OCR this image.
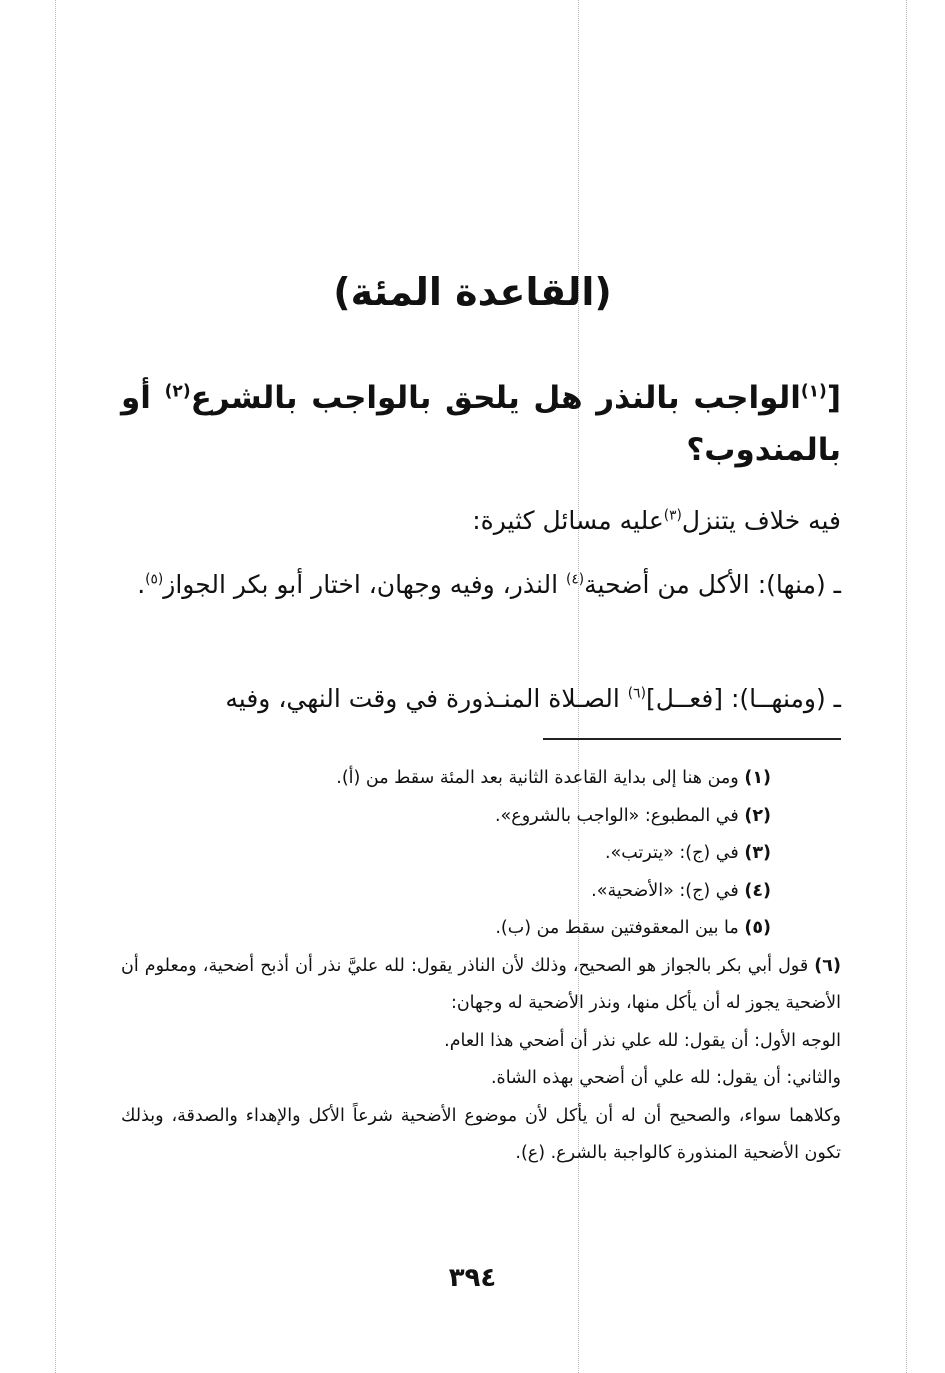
(القاعدة المئة)
[$^{(١)}$الواجب بالنذر هل يلحق بالواجب بالشرع$^{(٢)}$ أو بالمندوب؟
فيه خلاف يتنزل$^{(٣)}$عليه مسائل كثيرة:
ـ (منها): الأكل من أضحية$^{(٤)}$ النذر، وفيه وجهان، اختار أبو بكر الجواز$^{(٥)}$.
ـ (ومنهــا): [فعــل]$^{(٦)}$ الصـلاة المنـذورة في وقت النهي، وفيه

(١) ومن هنا إلى بداية القاعدة الثانية بعد المئة سقط من (أ).

(٢) في المطبوع: «الواجب بالشروع».

(٣) في (ج): «يترتب».

(٤) في (ج): «الأضحية».

(٥) ما بين المعقوفتين سقط من (ب).

(٦) قول أبي بكر بالجواز هو الصحيح، وذلك لأن الناذر يقول: لله عليَّ نذر أن أذبح أضحية، ومعلوم أن الأضحية يجوز له أن يأكل منها، ونذر الأضحية له وجهان:

الوجه الأول: أن يقول: لله علي نذر أن أضحي هذا العام.

والثاني: أن يقول: لله علي أن أضحي بهذه الشاة.

وكلاهما سواء، والصحيح أن له أن يأكل لأن موضوع الأضحية شرعاً الأكل والإهداء والصدقة، وبذلك تكون الأضحية المنذورة كالواجبة بالشرع. (ع).

٣٩٤
